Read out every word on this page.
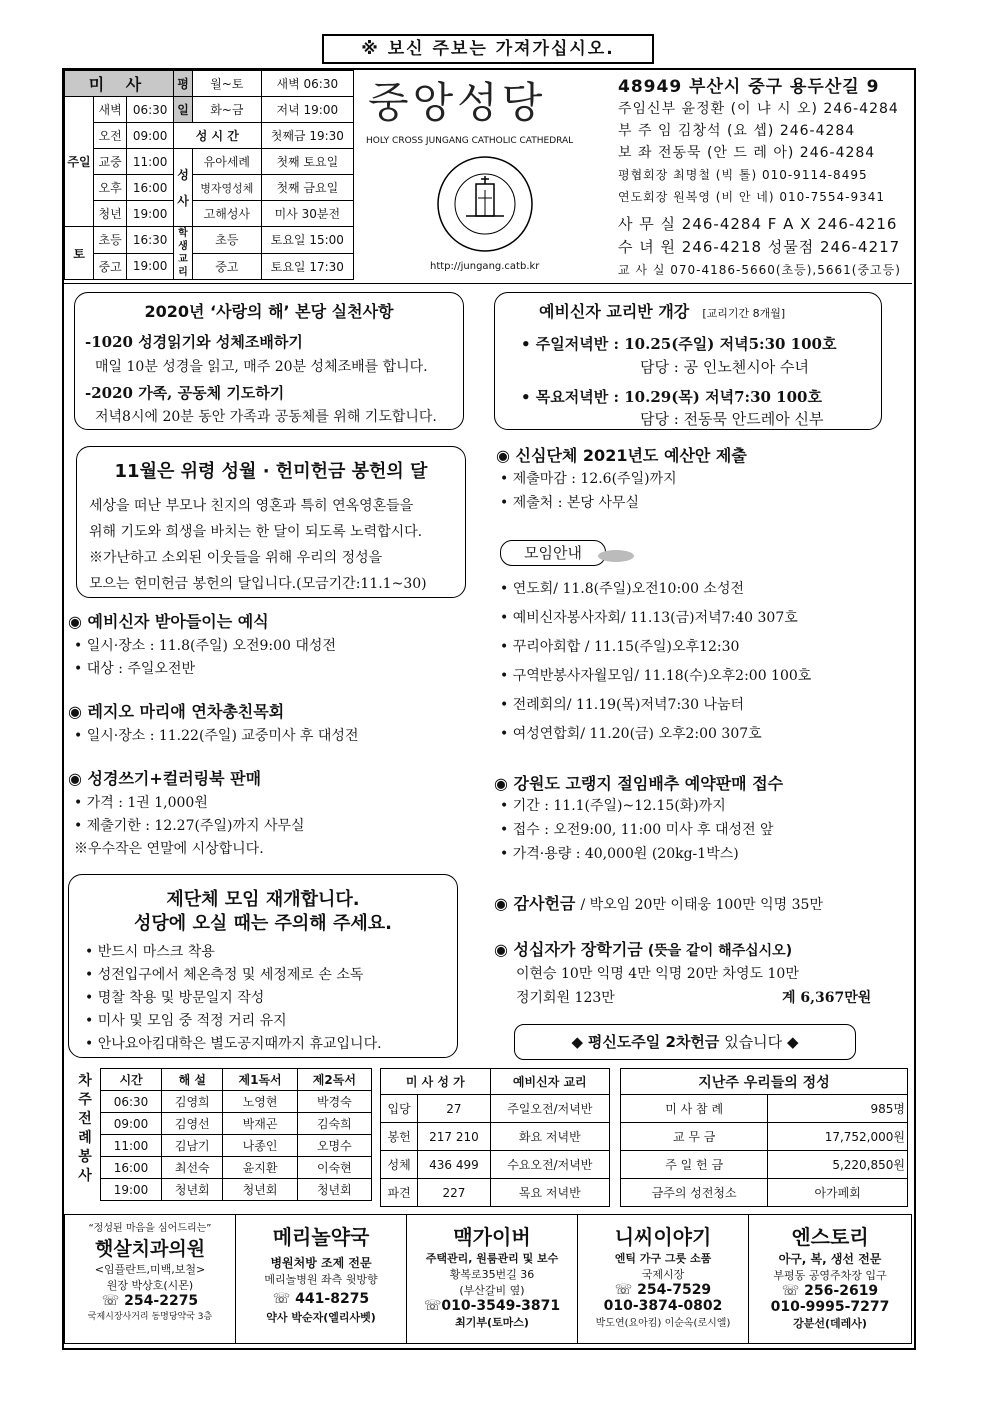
※ 보신 주보는 가져가십시오.
미 사			평	월~토	새벽 06:30
주일	새벽	06:30	일	화~금	저녁 19:00
	오전	09:00	성 시 간		첫째금 19:30
	교중	11:00	성사	유아세례	첫째 토요일
	오후	16:00		병자영성체	첫째 금요일
	청년	19:00		고해성사	미사 30분전
토	초등	16:30	학생교리	초등	토요일 15:00
	중고	19:00		중고	토요일 17:30
중앙성당
HOLY CROSS JUNGANG CATHOLIC CATHEDRAL
http://jungang.catb.kr
48949 부산시 중구 용두산길 9
주임신부 윤정환 (이 냐 시 오) 246-4284
부 주 임 김창석 (요 셉) 246-4284
보 좌 전동묵 (안 드 레 아) 246-4284
평협회장 최명철 (빅 톨) 010-9114-8495
연도회장 원복영 (비 안 네) 010-7554-9341
사 무 실 246-4284 F A X 246-4216
수 녀 원 246-4218 성물점 246-4217
교 사 실 070-4186-5660(초등),5661(중고등)
2020년 ‘사랑의 해’ 본당 실천사항
-1020 성경읽기와 성체조배하기
매일 10분 성경을 읽고, 매주 20분 성체조배를 합니다.
-2020 가족, 공동체 기도하기
저녁8시에 20분 동안 가족과 공동체를 위해 기도합니다.
예비신자 교리반 개강 [교리기간 8개월]
• 주일저녁반 : 10.25(주일) 저녁5:30 100호
담당 : 공 인노첸시아 수녀
• 목요저녁반 : 10.29(목) 저녁7:30 100호
담당 : 전동묵 안드레아 신부
11월은 위령 성월 · 헌미헌금 봉헌의 달
세상을 떠난 부모나 친지의 영혼과 특히 연옥영혼들을
위해 기도와 희생을 바치는 한 달이 되도록 노력합시다.
※가난하고 소외된 이웃들을 위해 우리의 정성을
모으는 헌미헌금 봉헌의 달입니다.(모금기간:11.1~30)
◉ 예비신자 받아들이는 예식
• 일시·장소 : 11.8(주일) 오전9:00 대성전
• 대상 : 주일오전반
◉ 레지오 마리애 연차총친목회
• 일시·장소 : 11.22(주일) 교중미사 후 대성전
◉ 성경쓰기+컬러링북 판매
• 가격 : 1권 1,000원
• 제출기한 : 12.27(주일)까지 사무실
※우수작은 연말에 시상합니다.
제단체 모임 재개합니다.
성당에 오실 때는 주의해 주세요.
• 반드시 마스크 착용
• 성전입구에서 체온측정 및 세정제로 손 소독
• 명찰 착용 및 방문일지 작성
• 미사 및 모임 중 적정 거리 유지
• 안나요아킴대학은 별도공지때까지 휴교입니다.
◉ 신심단체 2021년도 예산안 제출
• 제출마감 : 12.6(주일)까지
• 제출처 : 본당 사무실
모임안내
• 연도회/ 11.8(주일)오전10:00 소성전
• 예비신자봉사자회/ 11.13(금)저녁7:40 307호
• 꾸리아회합 / 11.15(주일)오후12:30
• 구역반봉사자월모임/ 11.18(수)오후2:00 100호
• 전례회의/ 11.19(목)저녁7:30 나눔터
• 여성연합회/ 11.20(금) 오후2:00 307호
◉ 강원도 고랭지 절임배추 예약판매 접수
• 기간 : 11.1(주일)~12.15(화)까지
• 접수 : 오전9:00, 11:00 미사 후 대성전 앞
• 가격·용량 : 40,000원 (20kg-1박스)
◉ 감사헌금 / 박오임 20만 이태웅 100만 익명 35만
◉ 성십자가 장학기금 (뜻을 같이 해주십시오)
이현승 10만 익명 4만 익명 20만 차영도 10만
정기회원 123만	계 6,367만원
◆ 평신도주일 2차헌금 있습니다 ◆
차주전례봉사
시간	해 설	제1독서	제2독서
06:30	김영희	노영현	박경숙
09:00	김영선	박재곤	김숙희
11:00	김남기	나종인	오명수
16:00	최선숙	윤지환	이숙현
19:00	청년회	청년회	청년회
미 사 성 가		예비신자 교리
입당	27	주일오전/저녁반
봉헌	217 210	화요 저녁반
성체	436 499	수요오전/저녁반
파견	227	목요 저녁반
지난주 우리들의 정성	
미 사 참 례	985명
교 무 금	17,752,000원
주 일 헌 금	5,220,850원
금주의 성전청소	아가페회
“정성된 마음을 심어드리는”
햇살치과의원
<임플란트,미백,보철>
원장 박상호(시몬)
☏ 254-2275
국제시장사거리 동명당약국 3층

메리놀약국
병원처방 조제 전문
메리놀병원 좌측 윗방향
☏ 441-8275
약사 박순자(엘리사벳)

맥가이버
주택관리, 원룸관리 및 보수
황복로35번길 36
(부산갈비 옆)
☏010-3549-3871
최기부(토마스)

니씨이야기
엔틱 가구 그릇 소품
국제시장
☏ 254-7529
010-3874-0802
박도연(요아킴) 이순옥(로시엘)

엔스토리
아구, 복, 생선 전문
부평동 공영주차장 입구
☏ 256-2619
010-9995-7277
강분선(데레사)
